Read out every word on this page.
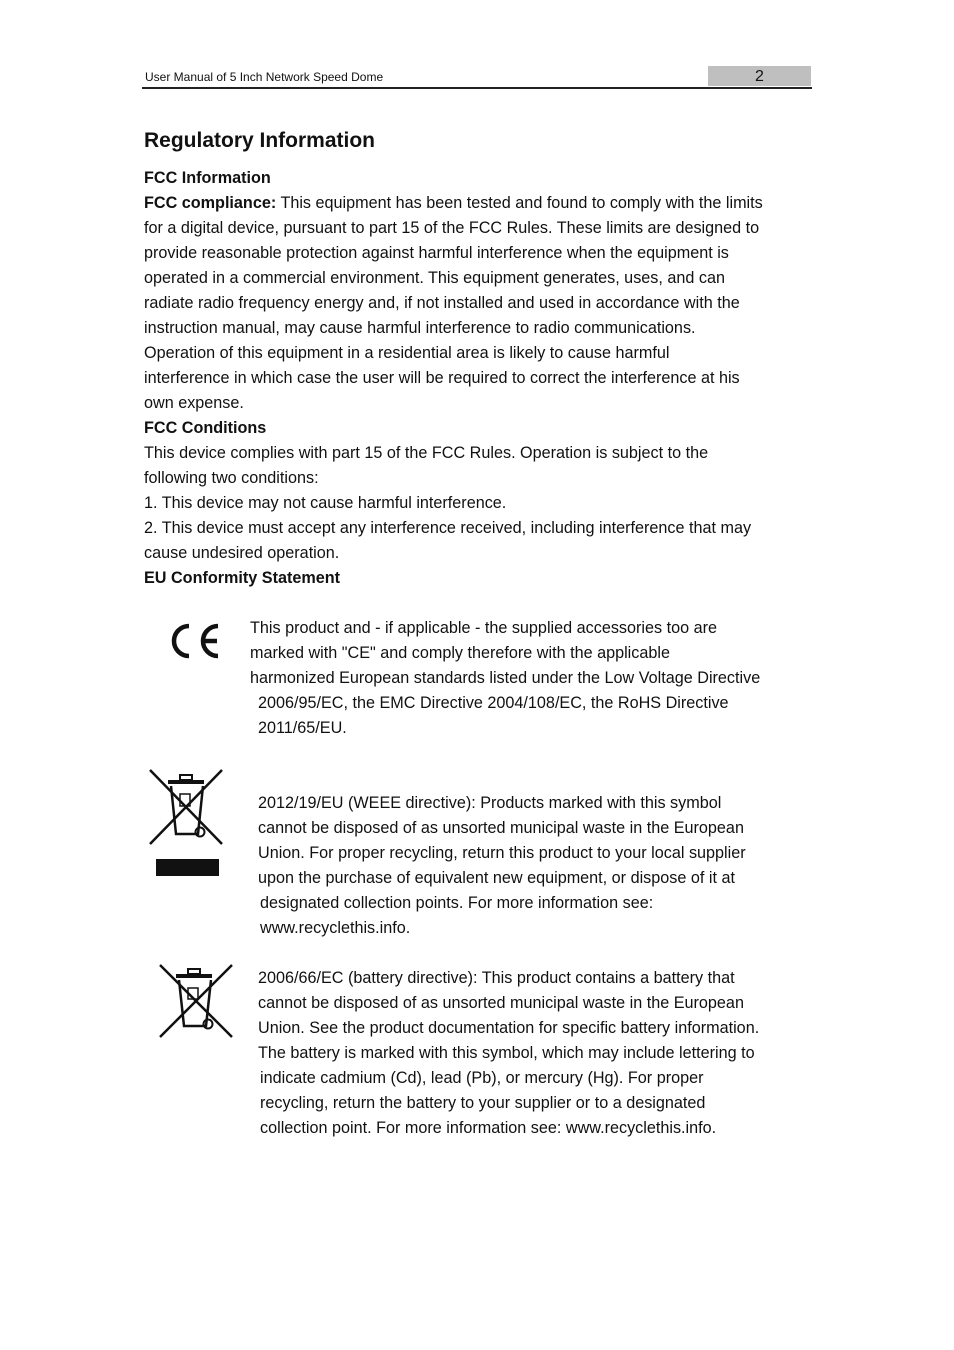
User Manual of 5 Inch Network Speed Dome	2
Regulatory Information
FCC Information
FCC compliance: This equipment has been tested and found to comply with the limits
for a digital device, pursuant to part 15 of the FCC Rules. These limits are designed to
provide reasonable protection against harmful interference when the equipment is
operated in a commercial environment. This equipment generates, uses, and can
radiate radio frequency energy and, if not installed and used in accordance with the
instruction manual, may cause harmful interference to radio communications.
Operation of this equipment in a residential area is likely to cause harmful
interference in which case the user will be required to correct the interference at his
own expense.
FCC Conditions
This device complies with part 15 of the FCC Rules. Operation is subject to the
following two conditions:
1. This device may not cause harmful interference.
2. This device must accept any interference received, including interference that may
cause undesired operation.
EU Conformity Statement
This product and - if applicable - the supplied accessories too are
marked with "CE" and comply therefore with the applicable
harmonized European standards listed under the Low Voltage Directive
2006/95/EC, the EMC Directive 2004/108/EC, the RoHS Directive
2011/65/EU.
2012/19/EU (WEEE directive): Products marked with this symbol
cannot be disposed of as unsorted municipal waste in the European
Union. For proper recycling, return this product to your local supplier
upon the purchase of equivalent new equipment, or dispose of it at
designated collection points. For more information see:
www.recyclethis.info.
2006/66/EC (battery directive): This product contains a battery that
cannot be disposed of as unsorted municipal waste in the European
Union. See the product documentation for specific battery information.
The battery is marked with this symbol, which may include lettering to
indicate cadmium (Cd), lead (Pb), or mercury (Hg). For proper
recycling, return the battery to your supplier or to a designated
collection point. For more information see: www.recyclethis.info.
